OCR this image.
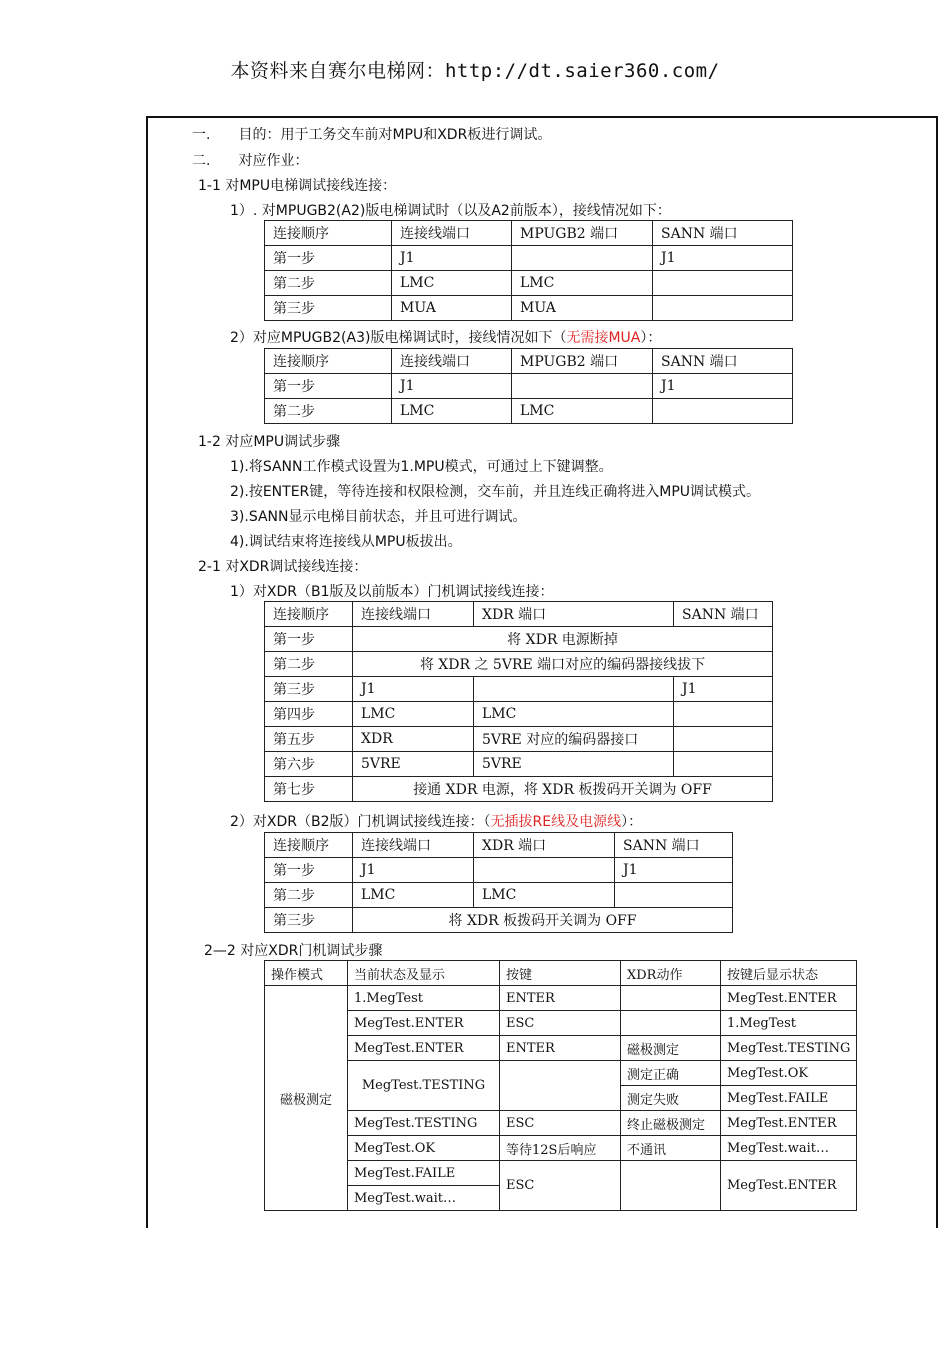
本资料来自赛尔电梯网：http://dt.saier360.com/
一.　　目的：用于工务交车前对MPU和XDR板进行调试。
二.　　对应作业：
1-1 对MPU电梯调试接线连接：
1）. 对MPUGB2(A2)版电梯调试时（以及A2前版本），接线情况如下：
连接顺序	连接线端口	MPUGB2 端口	SANN 端口
第一步	J1		J1
第二步	LMC	LMC	
第三步	MUA	MUA	
2）对应MPUGB2(A3)版电梯调试时，接线情况如下（无需接MUA）：
连接顺序	连接线端口	MPUGB2 端口	SANN 端口
第一步	J1		J1
第二步	LMC	LMC	
1-2 对应MPU调试步骤
1).将SANN工作模式设置为1.MPU模式，可通过上下键调整。
2).按ENTER键，等待连接和权限检测，交车前，并且连线正确将进入MPU调试模式。
3).SANN显示电梯目前状态，并且可进行调试。
4).调试结束将连接线从MPU板拔出。
2-1 对XDR调试接线连接：
1）对XDR（B1版及以前版本）门机调试接线连接：
连接顺序	连接线端口	XDR 端口	SANN 端口
第一步	将 XDR 电源断掉		
第二步	将 XDR 之 5VRE 端口对应的编码器接线拔下		
第三步	J1		J1
第四步	LMC	LMC	
第五步	XDR	5VRE 对应的编码器接口	
第六步	5VRE	5VRE	
第七步	接通 XDR 电源，将 XDR 板拨码开关调为 OFF		
2）对XDR（B2版）门机调试接线连接：（无插拔RE线及电源线）：
连接顺序	连接线端口	XDR 端口	SANN 端口
第一步	J1		J1
第二步	LMC	LMC	
第三步	将 XDR 板拨码开关调为 OFF		
2—2 对应XDR门机调试步骤
操作模式	当前状态及显示	按键	XDR动作	按键后显示状态
磁极测定	1.MegTest	ENTER		MegTest.ENTER
	MegTest.ENTER	ESC		1.MegTest
	MegTest.ENTER	ENTER	磁极测定	MegTest.TESTING
	MegTest.TESTING		测定正确	MegTest.OK
			测定失败	MegTest.FAILE
	MegTest.TESTING	ESC	终止磁极测定	MegTest.ENTER
	MegTest.OK	等待12S后响应	不通讯	MegTest.wait…
	MegTest.FAILE	ESC		MegTest.ENTER
	MegTest.wait…			
